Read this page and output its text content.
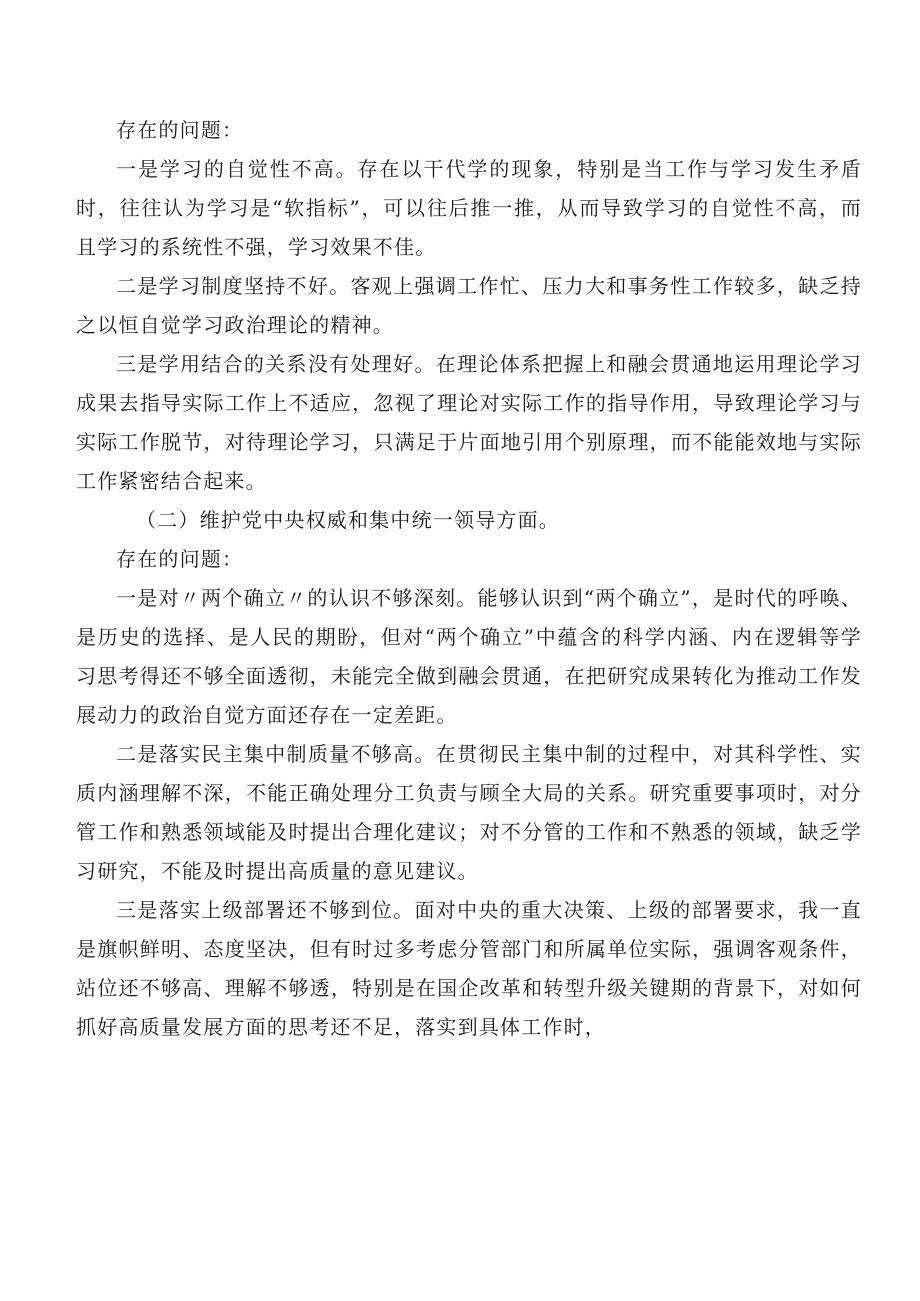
存在的问题：

一是学习的自觉性不高。存在以干代学的现象，特别是当工作与学习发生矛盾时，往往认为学习是“软指标”，可以往后推一推，从而导致学习的自觉性不高，而且学习的系统性不强，学习效果不佳。

二是学习制度坚持不好。客观上强调工作忙、压力大和事务性工作较多，缺乏持之以恒自觉学习政治理论的精神。

三是学用结合的关系没有处理好。在理论体系把握上和融会贯通地运用理论学习成果去指导实际工作上不适应，忽视了理论对实际工作的指导作用，导致理论学习与实际工作脱节，对待理论学习，只满足于片面地引用个别原理，而不能能效地与实际工作紧密结合起来。

（二）维护党中央权威和集中统一领导方面。

存在的问题：

一是对〃两个确立〃的认识不够深刻。能够认识到“两个确立”，是时代的呼唤、是历史的选择、是人民的期盼，但对“两个确立”中蕴含的科学内涵、内在逻辑等学习思考得还不够全面透彻，未能完全做到融会贯通，在把研究成果转化为推动工作发展动力的政治自觉方面还存在一定差距。

二是落实民主集中制质量不够高。在贯彻民主集中制的过程中，对其科学性、实质内涵理解不深，不能正确处理分工负责与顾全大局的关系。研究重要事项时，对分管工作和熟悉领域能及时提出合理化建议；对不分管的工作和不熟悉的领域，缺乏学习研究，不能及时提出高质量的意见建议。

三是落实上级部署还不够到位。面对中央的重大决策、上级的部署要求，我一直是旗帜鲜明、态度坚决，但有时过多考虑分管部门和所属单位实际，强调客观条件，站位还不够高、理解不够透，特别是在国企改革和转型升级关键期的背景下，对如何抓好高质量发展方面的思考还不足，落实到具体工作时，
